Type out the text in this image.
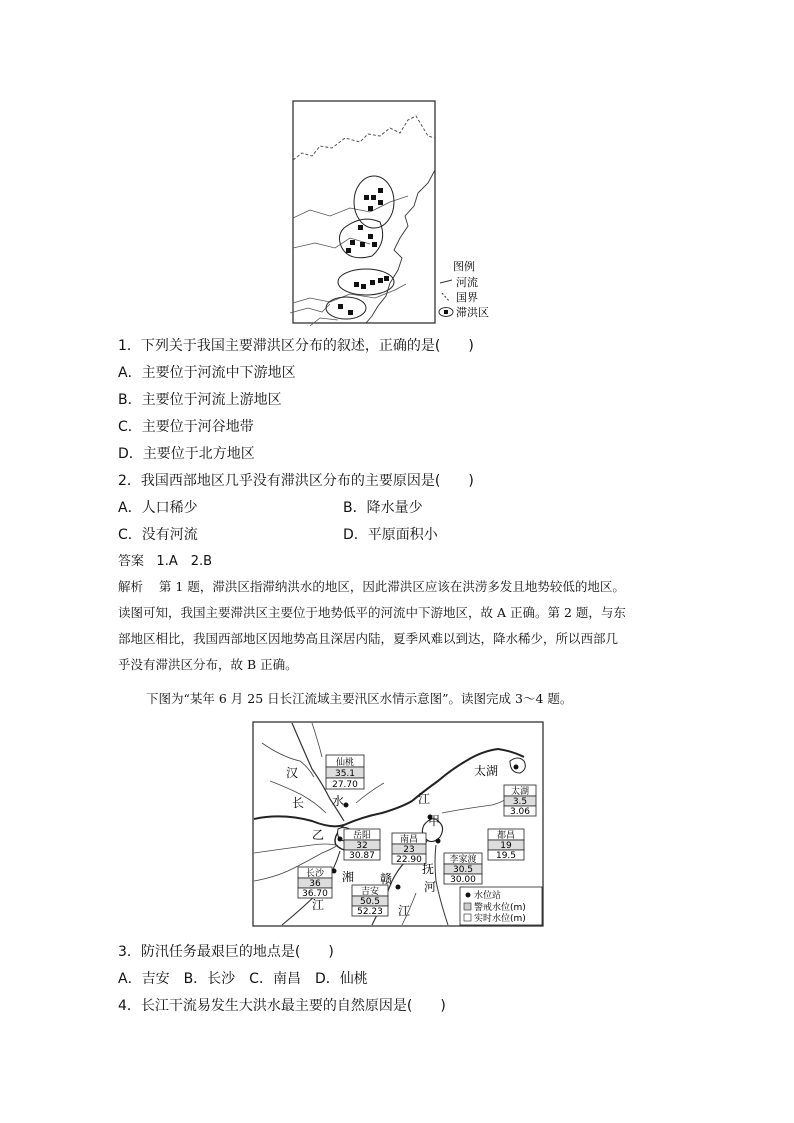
图例
河流
国界
滞洪区
1．下列关于我国主要滞洪区分布的叙述，正确的是(　　)
A．主要位于河流中下游地区
B．主要位于河流上游地区
C．主要位于河谷地带
D．主要位于北方地区
2．我国西部地区几乎没有滞洪区分布的主要原因是(　　)
A．人口稀少	B．降水量少
C．没有河流	D．平原面积小
答案 1.A　2.B
解析 第 1 题，滞洪区指滞纳洪水的地区，因此滞洪区应该在洪涝多发且地势较低的地区。
读图可知，我国主要滞洪区主要位于地势低平的河流中下游地区，故 A 正确。第 2 题，与东
部地区相比，我国西部地区因地势高且深居内陆，夏季风难以到达，降水稀少，所以西部几
乎没有滞洪区分布，故 B 正确。
下图为“某年 6 月 25 日长江流域主要汛区水情示意图”。读图完成 3～4 题。
仙桃
35.1
27.70
岳阳
32
30.87
南昌
23
22.90	李家渡
30.5
30.00
都昌
19
19.5
太湖
3.5
3.06
长沙
36
36.70	吉安
50.5
52.23
汉
水
长	江
太湖
甲
乙
湘
江
赣
江
抚
河
水位站
警戒水位(m)
实时水位(m)
3．防汛任务最艰巨的地点是(　　)
A．吉安　B．长沙　C．南昌　D．仙桃
4．长江干流易发生大洪水最主要的自然原因是(　　)
